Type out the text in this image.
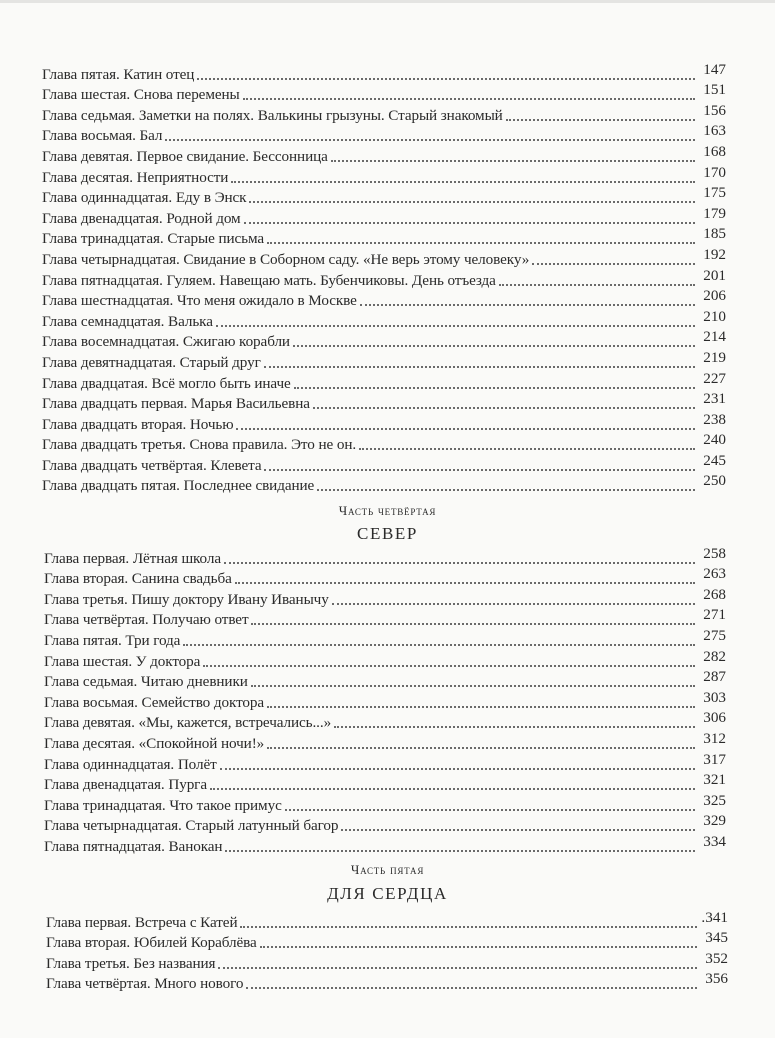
Глава пятая. Катин отец	147
Глава шестая. Снова перемены	151
Глава седьмая. Заметки на полях. Валькины грызуны. Старый знакомый	156
Глава восьмая. Бал	163
Глава девятая. Первое свидание. Бессонница	168
Глава десятая. Неприятности	170
Глава одиннадцатая. Еду в Энск	175
Глава двенадцатая. Родной дом	179
Глава тринадцатая. Старые письма	185
Глава четырнадцатая. Свидание в Соборном саду. «Не верь этому человеку»	192
Глава пятнадцатая. Гуляем. Навещаю мать. Бубенчиковы. День отъезда	201
Глава шестнадцатая. Что меня ожидало в Москве	206
Глава семнадцатая. Валька	210
Глава восемнадцатая. Сжигаю корабли	214
Глава девятнадцатая. Старый друг	219
Глава двадцатая. Всё могло быть иначе	227
Глава двадцать первая. Марья Васильевна	231
Глава двадцать вторая. Ночью	238
Глава двадцать третья. Снова правила. Это не он.	240
Глава двадцать четвёртая. Клевета	245
Глава двадцать пятая. Последнее свидание	250
Часть четвёртая
СЕВЕР
Глава первая. Лётная школа	258
Глава вторая. Санина свадьба	263
Глава третья. Пишу доктору Ивану Иванычу	268
Глава четвёртая. Получаю ответ	271
Глава пятая. Три года	275
Глава шестая. У доктора	282
Глава седьмая. Читаю дневники	287
Глава восьмая. Семейство доктора	303
Глава девятая. «Мы, кажется, встречались...»	306
Глава десятая. «Спокойной ночи!»	312
Глава одиннадцатая. Полёт	317
Глава двенадцатая. Пурга	321
Глава тринадцатая. Что такое примус	325
Глава четырнадцатая. Старый латунный багор	329
Глава пятнадцатая. Ванокан	334
Часть пятая
ДЛЯ СЕРДЦА
Глава первая. Встреча с Катей	.341
Глава вторая. Юбилей Кораблёва	345
Глава третья. Без названия	352
Глава четвёртая. Много нового	356
